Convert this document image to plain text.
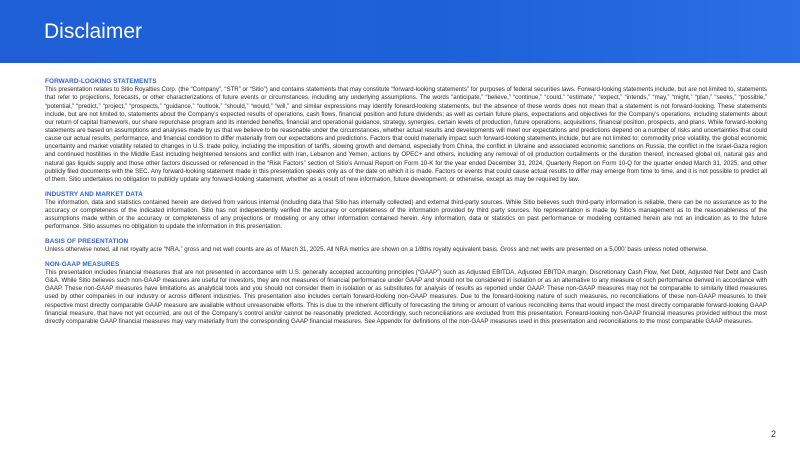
Disclaimer
FORWARD-LOOKING STATEMENTS
This presentation relates to Sitio Royalties Corp. (the “Company”, “STR” or “Sitio”) and contains statements that may constitute “forward-looking statements” for purposes of federal securities laws. Forward-looking statements include, but are not limited to, statements that refer to projections, forecasts, or other characterizations of future events or circumstances, including any underlying assumptions. The words “anticipate,” “believe,” “continue,” “could,” “estimate,” “expect,” “intends,” “may,” “might,” “plan,” “seeks,” “possible,” “potential,” “predict,” “project,” “prospects,” “guidance,” “outlook,” “should,” “would,” “will,” and similar expressions may identify forward-looking statements, but the absence of these words does not mean that a statement is not forward-looking. These statements include, but are not limited to, statements about the Company’s expected results of operations, cash flows, financial position and future dividends; as well as certain future plans, expectations and objectives for the Company’s operations, including statements about our return of capital framework, our share repurchase program and its intended benefits, financial and operational guidance, strategy, synergies, certain levels of production, future operations, acquisitions, financial position, prospects, and plans. While forward-looking statements are based on assumptions and analyses made by us that we believe to be reasonable under the circumstances, whether actual results and developments will meet our expectations and predictions depend on a number of risks and uncertainties that could cause our actual results, performance, and financial condition to differ materially from our expectations and predictions. Factors that could materially impact such forward-looking statements include, but are not limited to: commodity price volatility, the global economic uncertainty and market volatility related to changes in U.S. trade policy, including the imposition of tariffs, slowing growth and demand, especially from China, the conflict in Ukraine and associated economic sanctions on Russia, the conflict in the Israel-Gaza region and continued hostilities in the Middle East including heightened tensions and conflict with Iran, Lebanon and Yemen, actions by OPEC+ and others, including any removal of oil production curtailments or the duration thereof, increased global oil, natural gas and natural gas liquids supply and those other factors discussed or referenced in the “Risk Factors” section of Sitio’s Annual Report on Form 10-K for the year ended December 31, 2024, Quarterly Report on Form 10-Q for the quarter ended March 31, 2025, and other publicly filed documents with the SEC. Any forward-looking statement made in this presentation speaks only as of the date on which it is made. Factors or events that could cause actual results to differ may emerge from time to time, and it is not possible to predict all of them. Sitio undertakes no obligation to publicly update any forward-looking statement, whether as a result of new information, future development, or otherwise, except as may be required by law.
INDUSTRY AND MARKET DATA
The information, data and statistics contained herein are derived from various internal (including data that Sitio has internally collected) and external third-party sources. While Sitio believes such third-party information is reliable, there can be no assurance as to the accuracy or completeness of the indicated information. Sitio has not independently verified the accuracy or completeness of the information provided by third party sources. No representation is made by Sitio’s management as to the reasonableness of the assumptions made within or the accuracy or completeness of any projections or modeling or any other information contained herein. Any information, data or statistics on past performance or modeling contained herein are not an indication as to the future performance. Sitio assumes no obligation to update the information in this presentation.
BASIS OF PRESENTATION
Unless otherwise noted, all net royalty acre “NRA,” gross and net well counts are as of March 31, 2025. All NRA metrics are shown on a 1/8ths royalty equivalent basis. Gross and net wells are presented on a 5,000’ basis unless noted otherwise.
NON-GAAP MEASURES
This presentation includes financial measures that are not presented in accordance with U.S. generally accepted accounting principles (“GAAP”) such as Adjusted EBITDA, Adjusted EBITDA margin, Discretionary Cash Flow, Net Debt, Adjusted Net Debt and Cash G&A. While Sitio believes such non-GAAP measures are useful for investors, they are not measures of financial performance under GAAP and should not be considered in isolation or as an alternative to any measure of such performance derived in accordance with GAAP. These non-GAAP measures have limitations as analytical tools and you should not consider them in isolation or as substitutes for analysis of results as reported under GAAP. These non-GAAP measures may not be comparable to similarly titled measures used by other companies in our industry or across different industries. This presentation also includes certain forward-looking non-GAAP measures. Due to the forward-looking nature of such measures, no reconciliations of these non-GAAP measures to their respective most directly comparable GAAP measure are available without unreasonable efforts. This is due to the inherent difficulty of forecasting the timing or amount of various reconciling items that would impact the most directly comparable forward-looking GAAP financial measure, that have not yet occurred, are out of the Company’s control and/or cannot be reasonably predicted. Accordingly, such reconciliations are excluded from this presentation. Forward-looking non-GAAP financial measures provided without the most directly comparable GAAP financial measures may vary materially from the corresponding GAAP financial measures. See Appendix for definitions of the non-GAAP measures used in this presentation and reconciliations to the most comparable GAAP measures.
2
